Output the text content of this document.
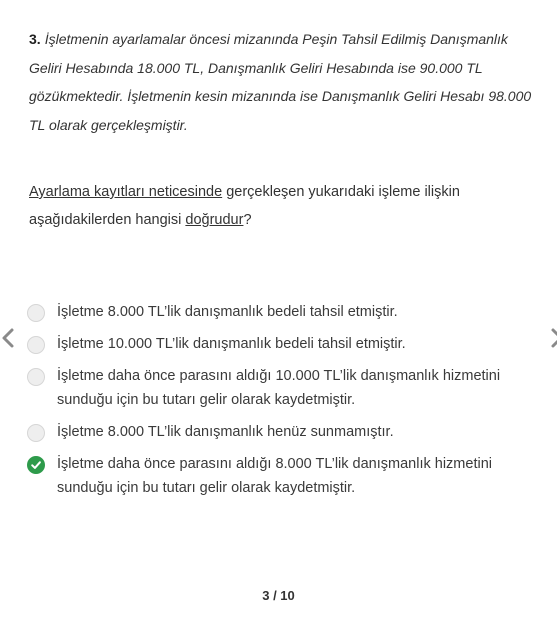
3. İşletmenin ayarlamalar öncesi mizanında Peşin Tahsil Edilmiş Danışmanlık Geliri Hesabında 18.000 TL, Danışmanlık Geliri Hesabında ise 90.000 TL gözükmektedir. İşletmenin kesin mizanında ise Danışmanlık Geliri Hesabı 98.000 TL olarak gerçekleşmiştir.
Ayarlama kayıtları neticesinde gerçekleşen yukarıdaki işleme ilişkin aşağıdakilerden hangisi doğrudur?
İşletme 8.000 TL’lik danışmanlık bedeli tahsil etmiştir.
İşletme 10.000 TL’lik danışmanlık bedeli tahsil etmiştir.
İşletme daha önce parasını aldığı 10.000 TL’lik danışmanlık hizmetini sunduğu için bu tutarı gelir olarak kaydetmiştir.
İşletme 8.000 TL’lik danışmanlık henüz sunmamıştır.
İşletme daha önce parasını aldığı 8.000 TL’lik danışmanlık hizmetini sunduğu için bu tutarı gelir olarak kaydetmiştir.
3 / 10
